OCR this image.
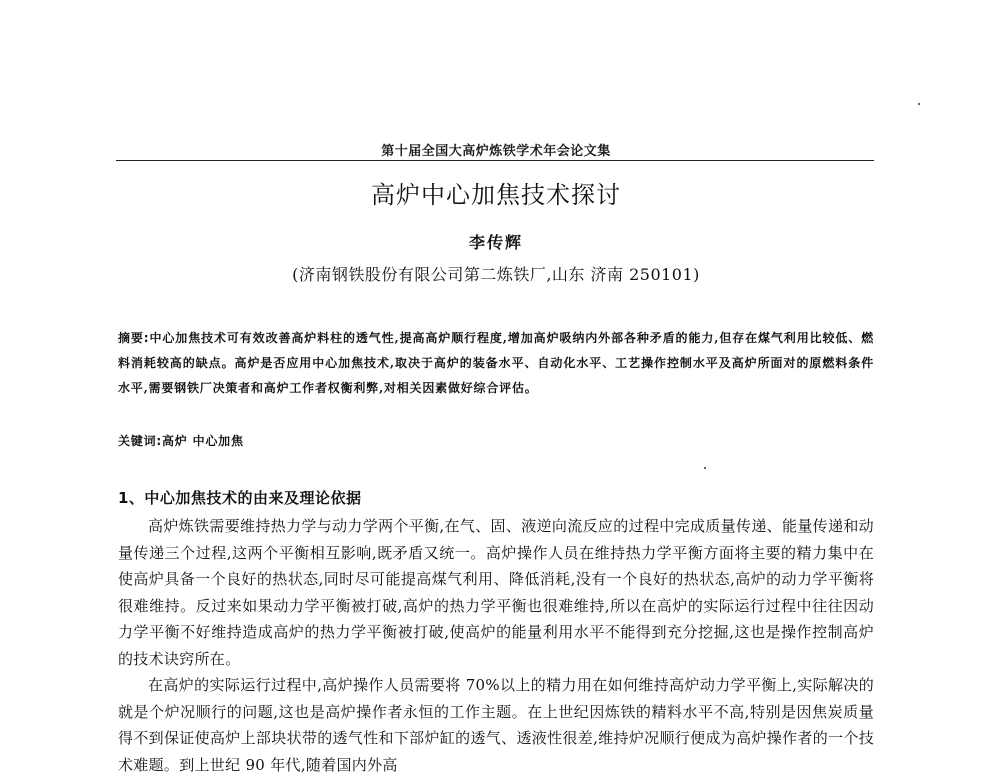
第十届全国大高炉炼铁学术年会论文集
高炉中心加焦技术探讨
李传辉
(济南钢铁股份有限公司第二炼铁厂,山东 济南 250101)
摘要:中心加焦技术可有效改善高炉料柱的透气性,提高高炉顺行程度,增加高炉吸纳内外部各种矛盾的能力,但存在煤气利用比较低、燃料消耗较高的缺点。高炉是否应用中心加焦技术,取决于高炉的装备水平、自动化水平、工艺操作控制水平及高炉所面对的原燃料条件水平,需要钢铁厂决策者和高炉工作者权衡利弊,对相关因素做好综合评估。
关键词:高炉 中心加焦
1、中心加焦技术的由来及理论依据

高炉炼铁需要维持热力学与动力学两个平衡,在气、固、液逆向流反应的过程中完成质量传递、能量传递和动量传递三个过程,这两个平衡相互影响,既矛盾又统一。高炉操作人员在维持热力学平衡方面将主要的精力集中在使高炉具备一个良好的热状态,同时尽可能提高煤气利用、降低消耗,没有一个良好的热状态,高炉的动力学平衡将很难维持。反过来如果动力学平衡被打破,高炉的热力学平衡也很难维持,所以在高炉的实际运行过程中往往因动力学平衡不好维持造成高炉的热力学平衡被打破,使高炉的能量利用水平不能得到充分挖掘,这也是操作控制高炉的技术诀窍所在。

在高炉的实际运行过程中,高炉操作人员需要将 70%以上的精力用在如何维持高炉动力学平衡上,实际解决的就是个炉况顺行的问题,这也是高炉操作者永恒的工作主题。在上世纪因炼铁的精料水平不高,特别是因焦炭质量得不到保证使高炉上部块状带的透气性和下部炉缸的透气、透液性很差,维持炉况顺行便成为高炉操作者的一个技术难题。到上世纪 90 年代,随着国内外高
